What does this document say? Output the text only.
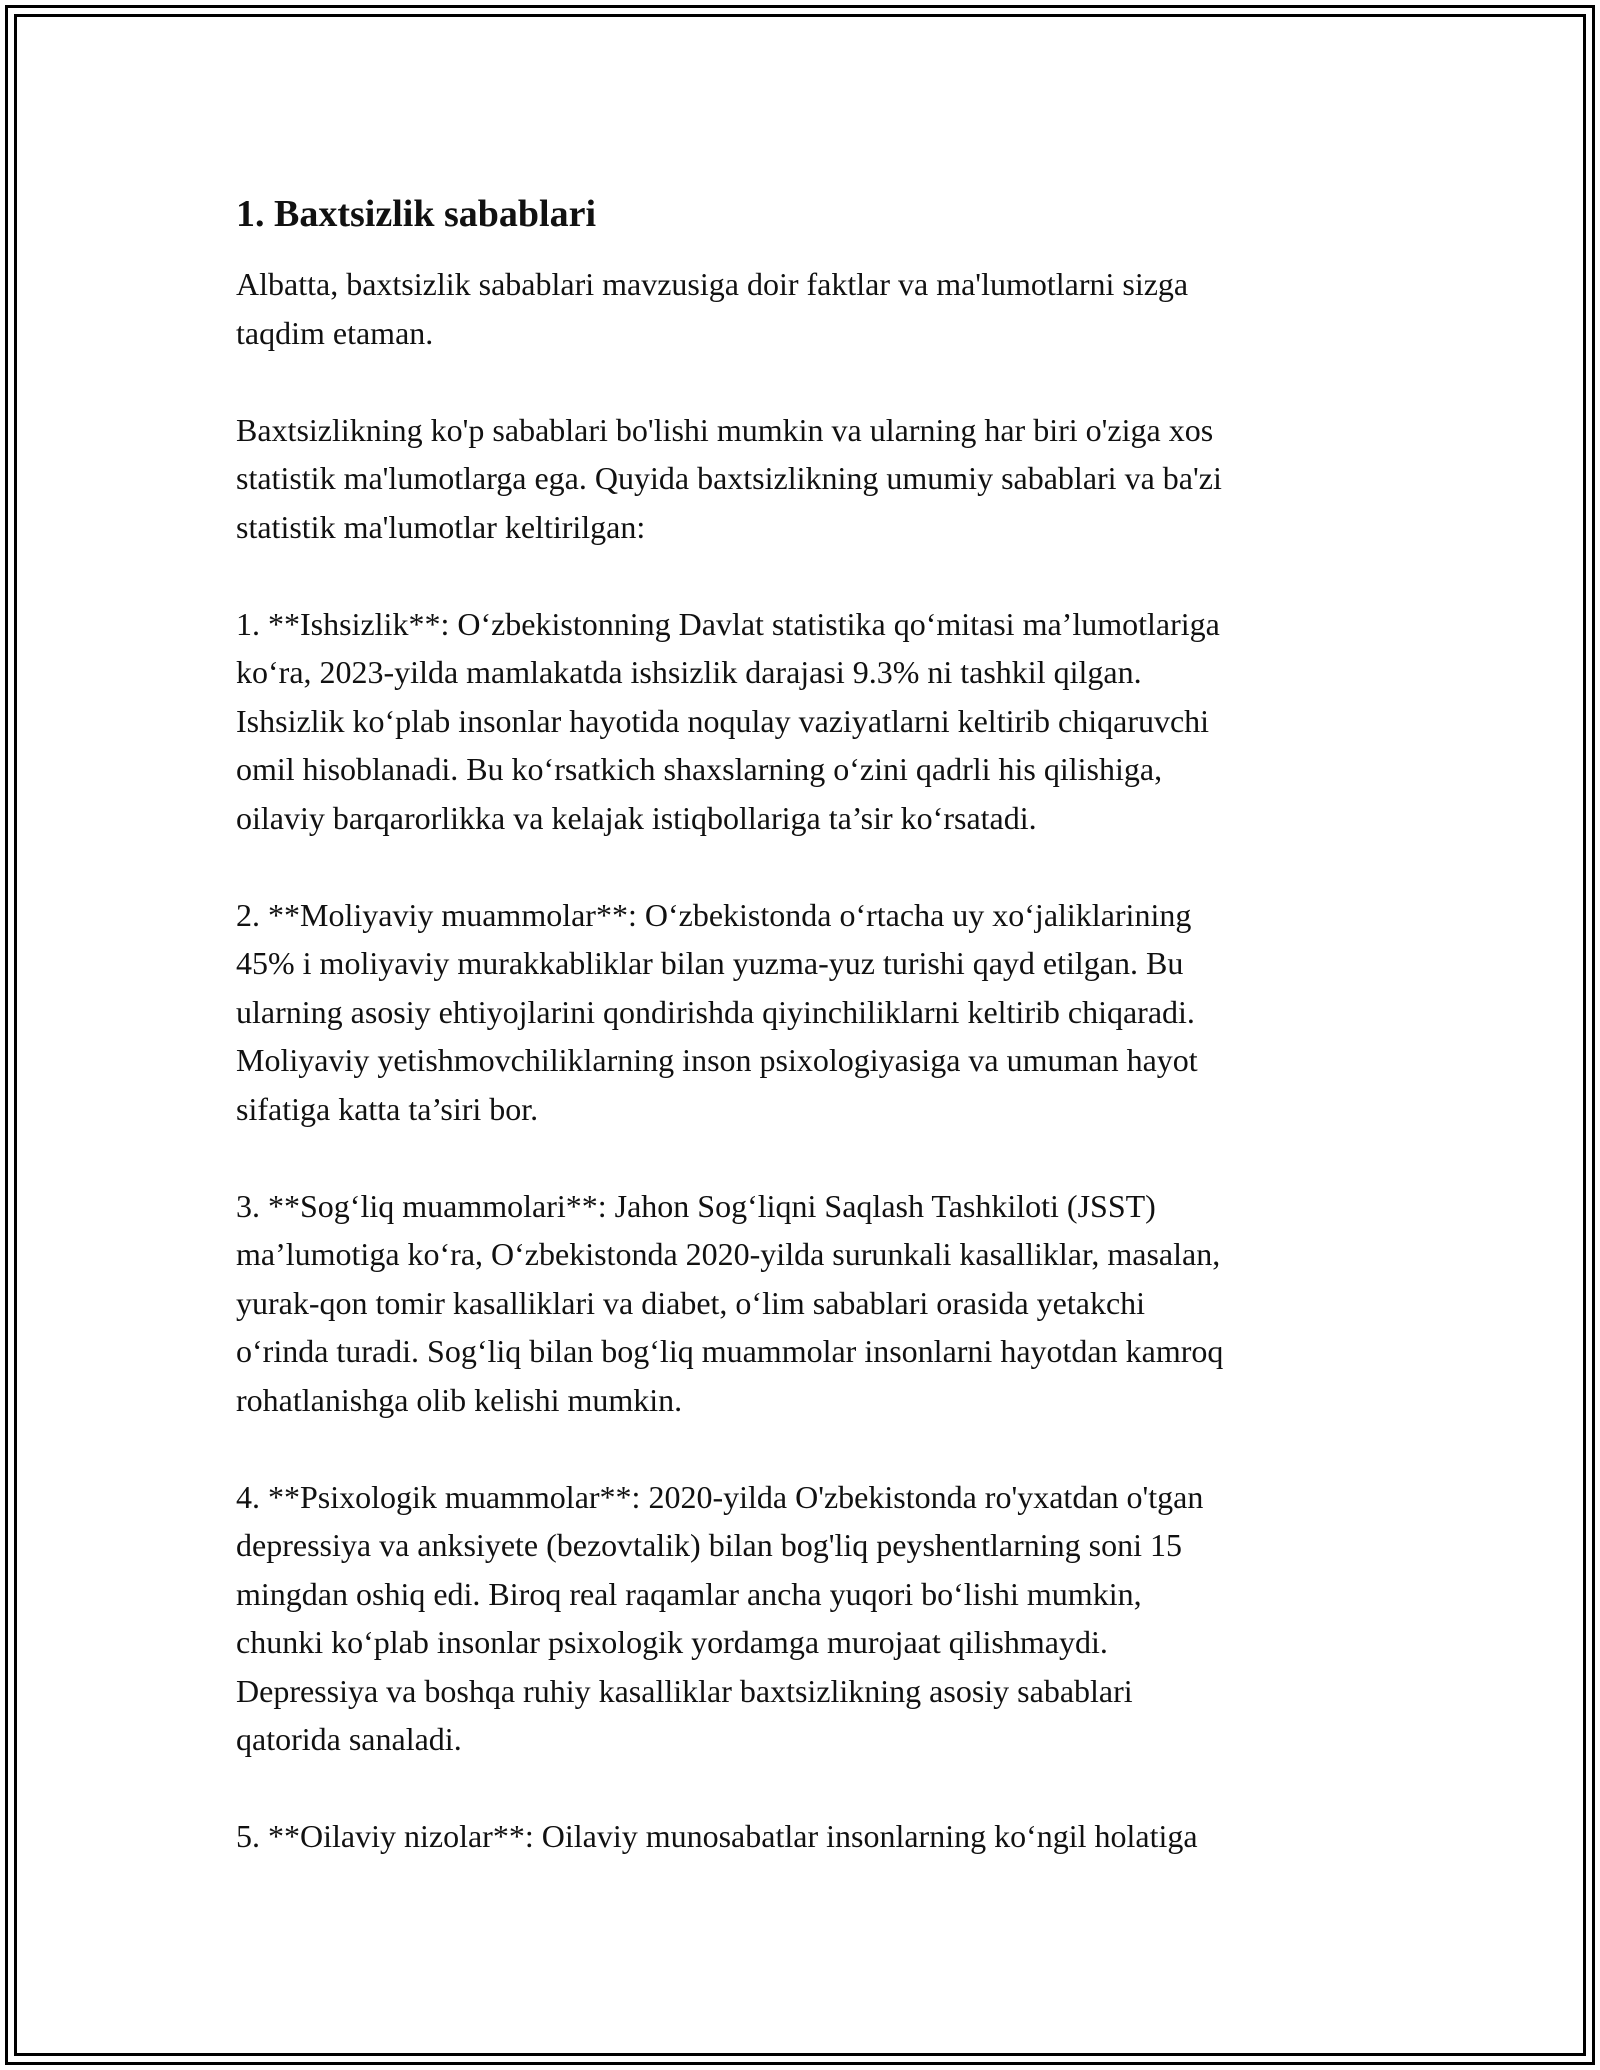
1. Baxtsizlik sabablari
Albatta, baxtsizlik sabablari mavzusiga doir faktlar va ma'lumotlarni sizga
taqdim etaman.
Baxtsizlikning ko'p sabablari bo'lishi mumkin va ularning har biri o'ziga xos
statistik ma'lumotlarga ega. Quyida baxtsizlikning umumiy sabablari va ba'zi
statistik ma'lumotlar keltirilgan:
1. **Ishsizlik**: O‘zbekistonning Davlat statistika qo‘mitasi ma’lumotlariga
ko‘ra, 2023-yilda mamlakatda ishsizlik darajasi 9.3% ni tashkil qilgan.
Ishsizlik ko‘plab insonlar hayotida noqulay vaziyatlarni keltirib chiqaruvchi
omil hisoblanadi. Bu ko‘rsatkich shaxslarning o‘zini qadrli his qilishiga,
oilaviy barqarorlikka va kelajak istiqbollariga ta’sir ko‘rsatadi.
2. **Moliyaviy muammolar**: O‘zbekistonda o‘rtacha uy xo‘jaliklarining
45% i moliyaviy murakkabliklar bilan yuzma-yuz turishi qayd etilgan. Bu
ularning asosiy ehtiyojlarini qondirishda qiyinchiliklarni keltirib chiqaradi.
Moliyaviy yetishmovchiliklarning inson psixologiyasiga va umuman hayot
sifatiga katta ta’siri bor.
3. **Sog‘liq muammolari**: Jahon Sog‘liqni Saqlash Tashkiloti (JSST)
ma’lumotiga ko‘ra, O‘zbekistonda 2020-yilda surunkali kasalliklar, masalan,
yurak-qon tomir kasalliklari va diabet, o‘lim sabablari orasida yetakchi
o‘rinda turadi. Sog‘liq bilan bog‘liq muammolar insonlarni hayotdan kamroq
rohatlanishga olib kelishi mumkin.
4. **Psixologik muammolar**: 2020-yilda O'zbekistonda ro'yxatdan o'tgan
depressiya va anksiyete (bezovtalik) bilan bog'liq peyshentlarning soni 15
mingdan oshiq edi. Biroq real raqamlar ancha yuqori bo‘lishi mumkin,
chunki ko‘plab insonlar psixologik yordamga murojaat qilishmaydi.
Depressiya va boshqa ruhiy kasalliklar baxtsizlikning asosiy sabablari
qatorida sanaladi.
5. **Oilaviy nizolar**: Oilaviy munosabatlar insonlarning ko‘ngil holatiga
